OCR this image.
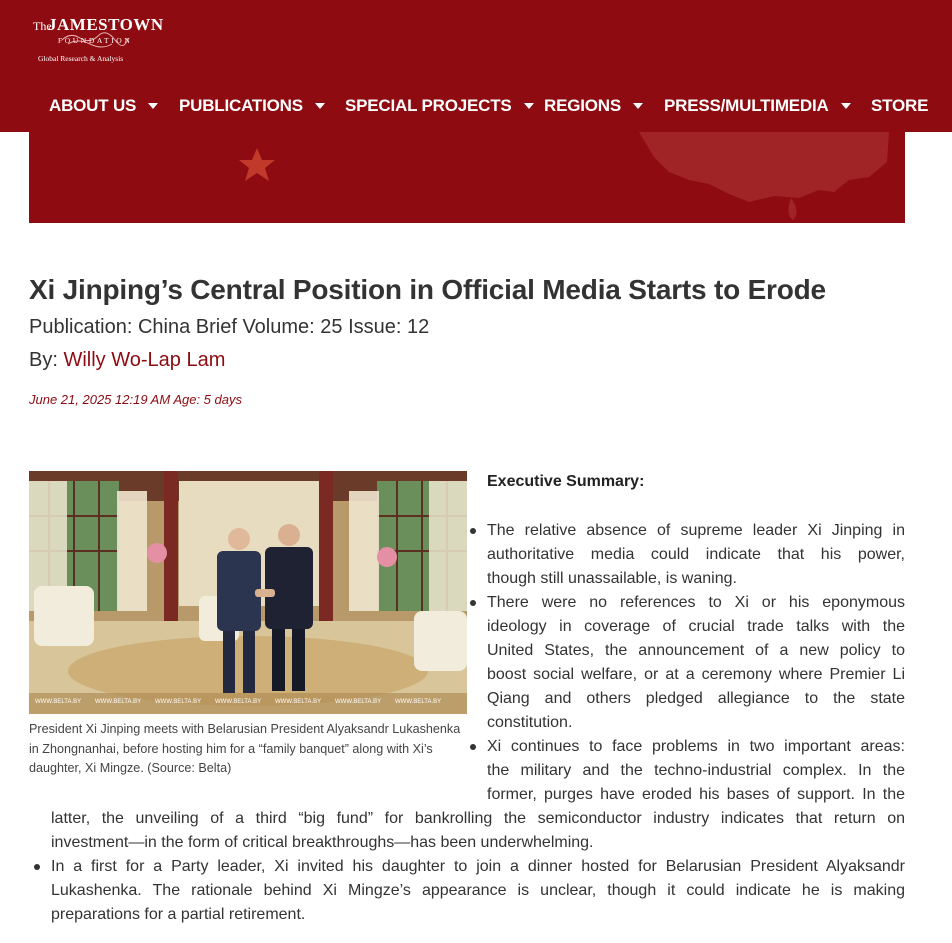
The
JAMESTOWN
FOUNDATION
Global Research & Analysis
ABOUT US	PUBLICATIONS SPECIAL PROJECTS REGIONS	PRESS/MULTIMEDIA STORE
Xi Jinping’s Central Position in Official Media Starts to Erode
Publication: China Brief Volume: 25 Issue: 12
By: Willy Wo-Lap Lam
June 21, 2025 12:19 AM Age: 5 days
WWW.BELTA.BY WWW.BELTA.BY WWW.BELTA.BY WWW.BELTA.BY WWW.BELTA.BY WWW.BELTA.BY WWW.BELTA.BY
President Xi Jinping meets with Belarusian President Alyaksandr Lukashenka in Zhongnanhai, before hosting him for a “family banquet” along with Xi’s daughter, Xi Mingze. (Source: Belta)
Executive Summary:
The relative absence of supreme leader Xi Jinping in
authoritative media could indicate that his power,
though still unassailable, is waning.
There were no references to Xi or his eponymous
ideology in coverage of crucial trade talks with the
United States, the announcement of a new policy to
boost social welfare, or at a ceremony where Premier Li
Qiang and others pledged allegiance to the state
constitution.
Xi continues to face problems in two important areas:
the military and the techno-industrial complex. In the
former, purges have eroded his bases of support. In the
latter, the unveiling of a third “big fund” for bankrolling the semiconductor industry indicates that return on
investment—in the form of critical breakthroughs—has been underwhelming.
In a first for a Party leader, Xi invited his daughter to join a dinner hosted for Belarusian President Alyaksandr
Lukashenka. The rationale behind Xi Mingze’s appearance is unclear, though it could indicate he is making
preparations for a partial retirement.
